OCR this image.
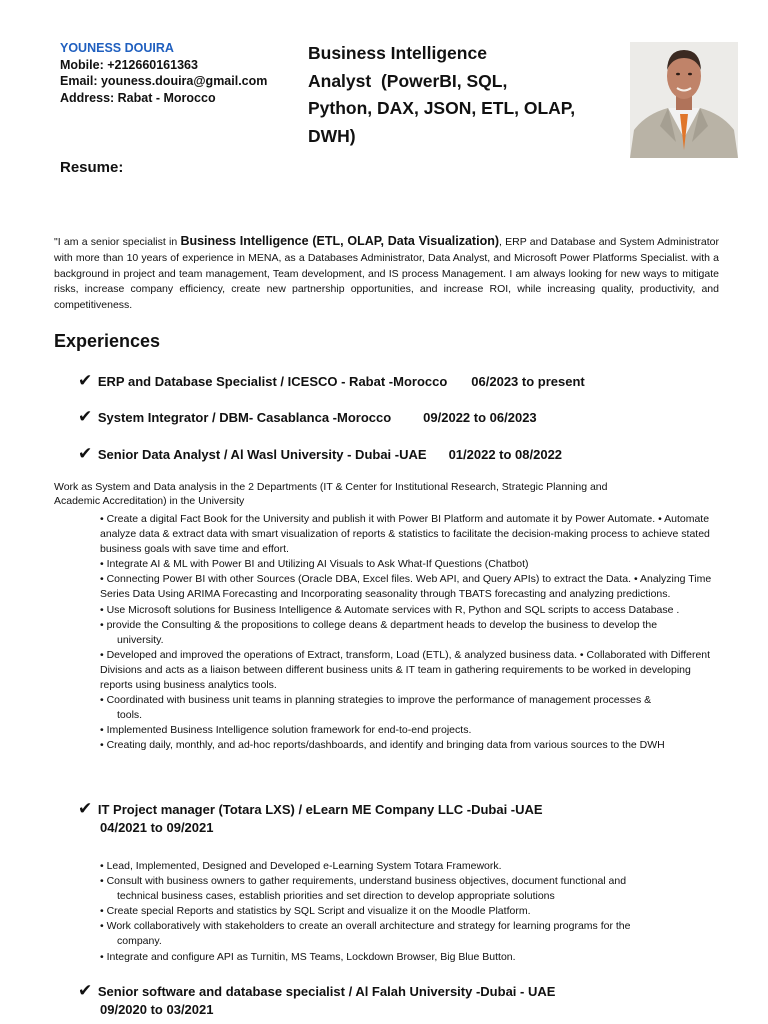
YOUNESS DOUIRA
Mobile: +212660161363
Email: youness.douira@gmail.com
Address: Rabat - Morocco
Business Intelligence
Analyst  (PowerBI, SQL,
Python, DAX, JSON, ETL, OLAP,
DWH)
Resume:
"I am a senior specialist in Business Intelligence (ETL, OLAP, Data Visualization), ERP and Database and System Administrator with more than 10 years of experience in MENA, as a Databases Administrator, Data Analyst, and Microsoft Power Platforms Specialist. with a background in project and team management, Team development, and IS process Management. I am always looking for new ways to mitigate risks, increase company efficiency, create new partnership opportunities, and increase ROI, while increasing quality, productivity, and competitiveness.
Experiences
✔ ERP and Database Specialist / ICESCO - Rabat -Morocco 06/2023 to present
✔ System Integrator / DBM- Casablanca -Morocco 09/2022 to 06/2023
✔ Senior Data Analyst / Al Wasl University - Dubai -UAE 01/2022 to 08/2022
Work as System and Data analysis in the 2 Departments (IT & Center for Institutional Research, Strategic Planning and Academic Accreditation) in the University
• Create a digital Fact Book for the University and publish it with Power BI Platform and automate it by Power Automate. • Automate analyze data & extract data with smart visualization of reports & statistics to facilitate the decision-making process to achieve stated business goals with save time and effort.
• Integrate AI & ML with Power BI and Utilizing AI Visuals to Ask What-If Questions (Chatbot)
• Connecting Power BI with other Sources (Oracle DBA, Excel files. Web API, and Query APIs) to extract the Data. • Analyzing Time Series Data Using ARIMA Forecasting and Incorporating seasonality through TBATS forecasting and analyzing predictions.
• Use Microsoft solutions for Business Intelligence & Automate services with R, Python and SQL scripts to access Database .
• provide the Consulting & the propositions to college deans & department heads to develop the business to develop the
university.
• Developed and improved the operations of Extract, transform, Load (ETL), & analyzed business data. • Collaborated with Different Divisions and acts as a liaison between different business units & IT team in gathering requirements to be worked in developing reports using business analytics tools.
• Coordinated with business unit teams in planning strategies to improve the performance of management processes &
tools.
• Implemented Business Intelligence solution framework for end-to-end projects.
• Creating daily, monthly, and ad-hoc reports/dashboards, and identify and bringing data from various sources to the DWH
✔ IT Project manager (Totara LXS) / eLearn ME Company LLC -Dubai -UAE
04/2021 to 09/2021
• Lead, Implemented, Designed and Developed e-Learning System Totara Framework.
• Consult with business owners to gather requirements, understand business objectives, document functional and
technical business cases, establish priorities and set direction to develop appropriate solutions
• Create special Reports and statistics by SQL Script and visualize it on the Moodle Platform.
• Work collaboratively with stakeholders to create an overall architecture and strategy for learning programs for the
company.
• Integrate and configure API as Turnitin, MS Teams, Lockdown Browser, Big Blue Button.
✔ Senior software and database specialist / Al Falah University -Dubai - UAE
09/2020 to 03/2021
